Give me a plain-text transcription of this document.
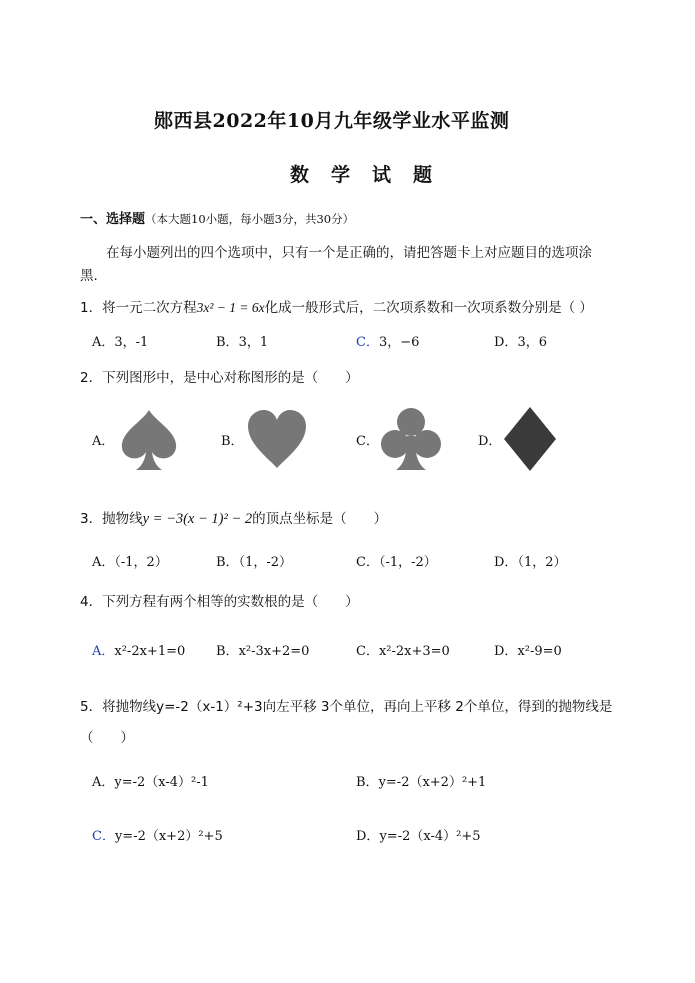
郧西县2022年10月九年级学业水平监测
数学试题
一、选择题（本大题10小题，每小题3分，共30分）
在每小题列出的四个选项中，只有一个是正确的，请把答题卡上对应题目的选项涂
黑.
1．将一元二次方程3x² − 1 = 6x化成一般形式后，二次项系数和一次项系数分别是（ ）
A．3，-1	B．3，1	C．3，−6	D．3，6
2．下列图形中，是中心对称图形的是（　　）
A．	B．	C．	D．
3．抛物线y = −3(x − 1)² − 2的顶点坐标是（　　）
A．（-1，2）	B．（1，-2）	C．（-1，-2）	D．（1，2）
4．下列方程有两个相等的实数根的是（　　）
A．x²-2x+1=0 B．x²-3x+2=0	C．x²-2x+3=0	D．x²-9=0
5．将抛物线y=-2（x-1）²+3向左平移 3个单位，再向上平移 2个单位，得到的抛物线是
（　　）
A．y=-2（x-4）²-1	B．y=-2（x+2）²+1
C．y=-2（x+2）²+5	D．y=-2（x-4）²+5
